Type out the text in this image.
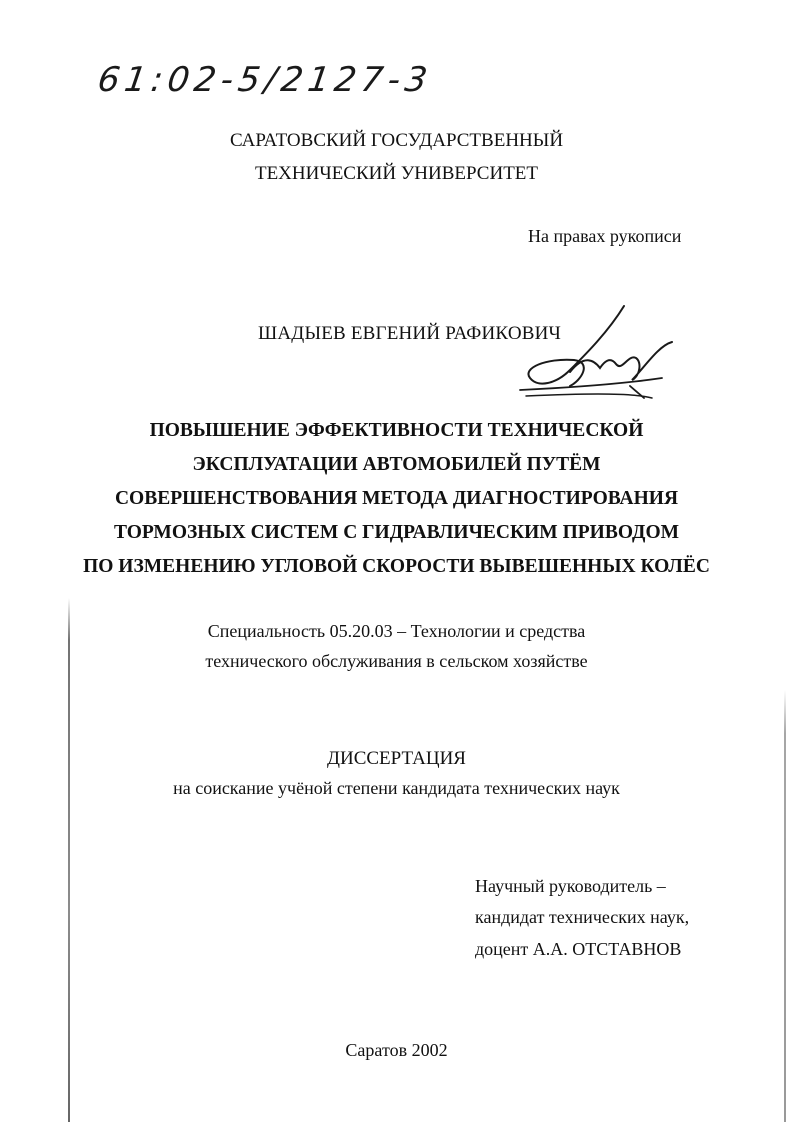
61:02-5/2127-3
САРАТОВСКИЙ ГОСУДАРСТВЕННЫЙ
ТЕХНИЧЕСКИЙ УНИВЕРСИТЕТ
На правах рукописи
ШАДЫЕВ ЕВГЕНИЙ РАФИКОВИЧ
ПОВЫШЕНИЕ ЭФФЕКТИВНОСТИ ТЕХНИЧЕСКОЙ
ЭКСПЛУАТАЦИИ АВТОМОБИЛЕЙ ПУТЁМ
СОВЕРШЕНСТВОВАНИЯ МЕТОДА ДИАГНОСТИРОВАНИЯ
ТОРМОЗНЫХ СИСТЕМ С ГИДРАВЛИЧЕСКИМ ПРИВОДОМ
ПО ИЗМЕНЕНИЮ УГЛОВОЙ СКОРОСТИ ВЫВЕШЕННЫХ КОЛЁС
Специальность 05.20.03 – Технологии и средства
технического обслуживания в сельском хозяйстве
ДИССЕРТАЦИЯ
на соискание учёной степени кандидата технических наук
Научный руководитель –
кандидат технических наук,
доцент А.А. ОТСТАВНОВ
Саратов 2002
